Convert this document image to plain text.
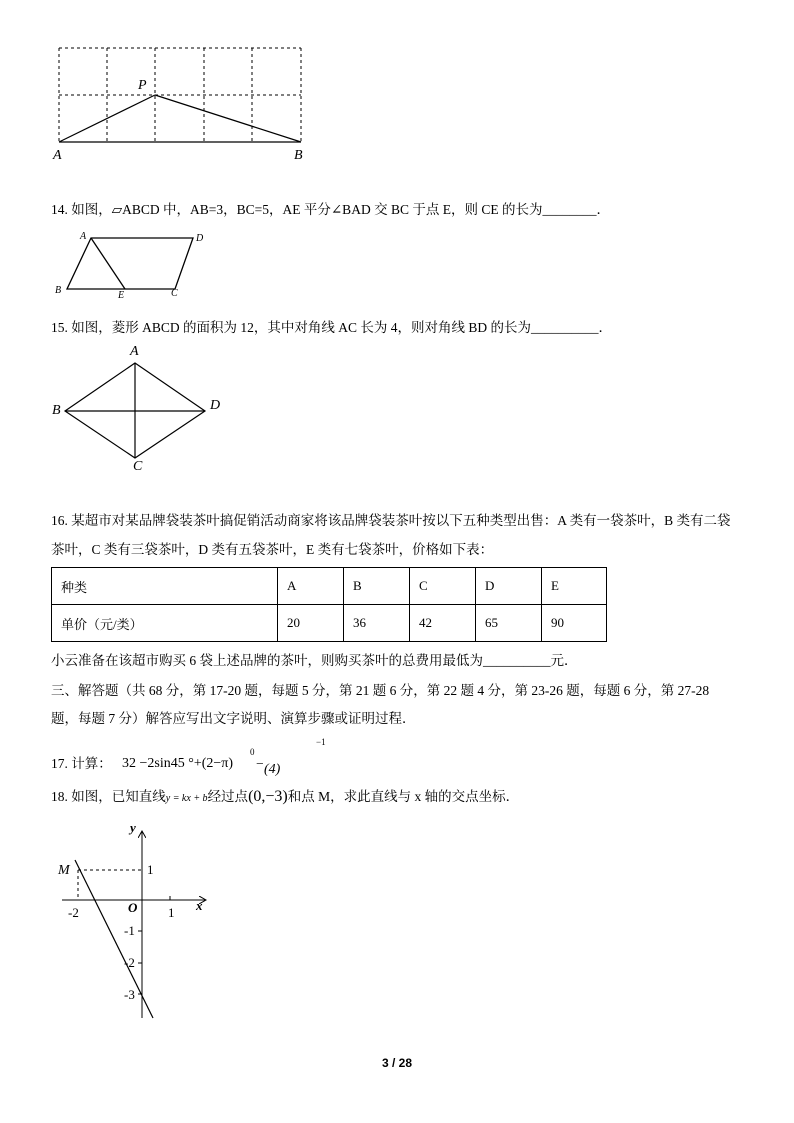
P
A	B
14. 如图，▱ABCD 中，AB=3，BC=5，AE 平分∠BAD 交 BC 于点 E，则 CE 的长为________．
A	D
B	E	C
15. 如图，菱形 ABCD 的面积为 12，其中对角线 AC 长为 4，则对角线 BD 的长为__________．
A
B	D
C
16. 某超市对某品牌袋装茶叶搞促销活动商家将该品牌袋装茶叶按以下五种类型出售：A 类有一袋茶叶，B 类有二袋
茶叶，C 类有三袋茶叶，D 类有五袋茶叶，E 类有七袋茶叶，价格如下表：
种类	A	B	C	D	E
单价（元/类）	20	36	42	65	90
小云准备在该超市购买 6 袋上述品牌的茶叶，则购买茶叶的总费用最低为__________元．
三、解答题（共 68 分，第 17-20 题，每题 5 分，第 21 题 6 分，第 22 题 4 分，第 23-26 题，每题 6 分，第 27-28
题，每题 7 分）解答应写出文字说明、演算步骤或证明过程．
17. 计算： 32 −2sin45 °+(2−π)
0
− (4)
−1
18. 如图，已知直线y = kx + b经过点(0,−3)和点 M，求此直线与 x 轴的交点坐标．
y
x
O
M	1
-1
-2
-3
1
-2
3 / 28
